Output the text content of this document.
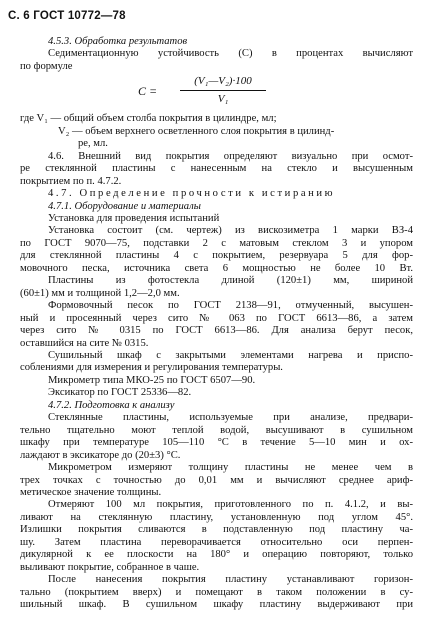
С. 6 ГОСТ 10772—78
4.5.3. Обработка результатов
Седиментационную устойчивость (С) в процентах вычисляют
по формуле
С =
(V₁—V₂)·100
V₁
где V₁ — общий объем столба покрытия в цилиндре, мл;
V₂ — объем верхнего осветленного слоя покрытия в цилинд-
ре, мл.
4.6. Внешний вид покрытия определяют визуально при осмот-
ре стеклянной пластины с нанесенным на стекло и высушенным
покрытием по п. 4.7.2.
4.7. Определение прочности к истиранию
4.7.1. Оборудование и материалы
Установка для проведения испытаний
Установка состоит (см. чертеж) из вискозиметра 1 марки ВЗ-4
по ГОСТ 9070—75, подставки 2 с матовым стеклом 3 и упором
для стеклянной пластины 4 с покрытием, резервуара 5 для фор-
мовочного песка, источника света 6 мощностью не более 10 Вт.
Пластины из фотостекла длиной (120±1) мм, шириной
(60±1) мм и толщиной 1,2—2,0 мм.
Формовочный песок по ГОСТ 2138—91, отмученный, высушен-
ный и просеянный через сито № 063 по ГОСТ 6613—86, а затем
через сито № 0315 по ГОСТ 6613—86. Для анализа берут песок,
оставшийся на сите № 0315.
Сушильный шкаф с закрытыми элементами нагрева и приспо-
соблениями для измерения и регулирования температуры.
Микрометр типа МКО-25 по ГОСТ 6507—90.
Эксикатор по ГОСТ 25336—82.
4.7.2. Подготовка к анализу
Стеклянные пластины, используемые при анализе, предвари-
тельно тщательно моют теплой водой, высушивают в сушильном
шкафу при температуре 105—110 °С в течение 5—10 мин и ох-
лаждают в эксикаторе до (20±3) °С.
Микрометром измеряют толщину пластины не менее чем в
трех точках с точностью до 0,01 мм и вычисляют среднее ариф-
метическое значение толщины.
Отмеряют 100 мл покрытия, приготовленного по п. 4.1.2, и вы-
ливают на стеклянную пластину, установленную под углом 45°.
Излишки покрытия сливаются в подставленную под пластину ча-
шу. Затем пластина переворачивается относительно оси перпен-
дикулярной к ее плоскости на 180° и операцию повторяют, только
выливают покрытие, собранное в чаше.
После нанесения покрытия пластину устанавливают горизон-
тально (покрытием вверх) и помещают в таком положении в су-
шильный шкаф. В сушильном шкафу пластину выдерживают при
